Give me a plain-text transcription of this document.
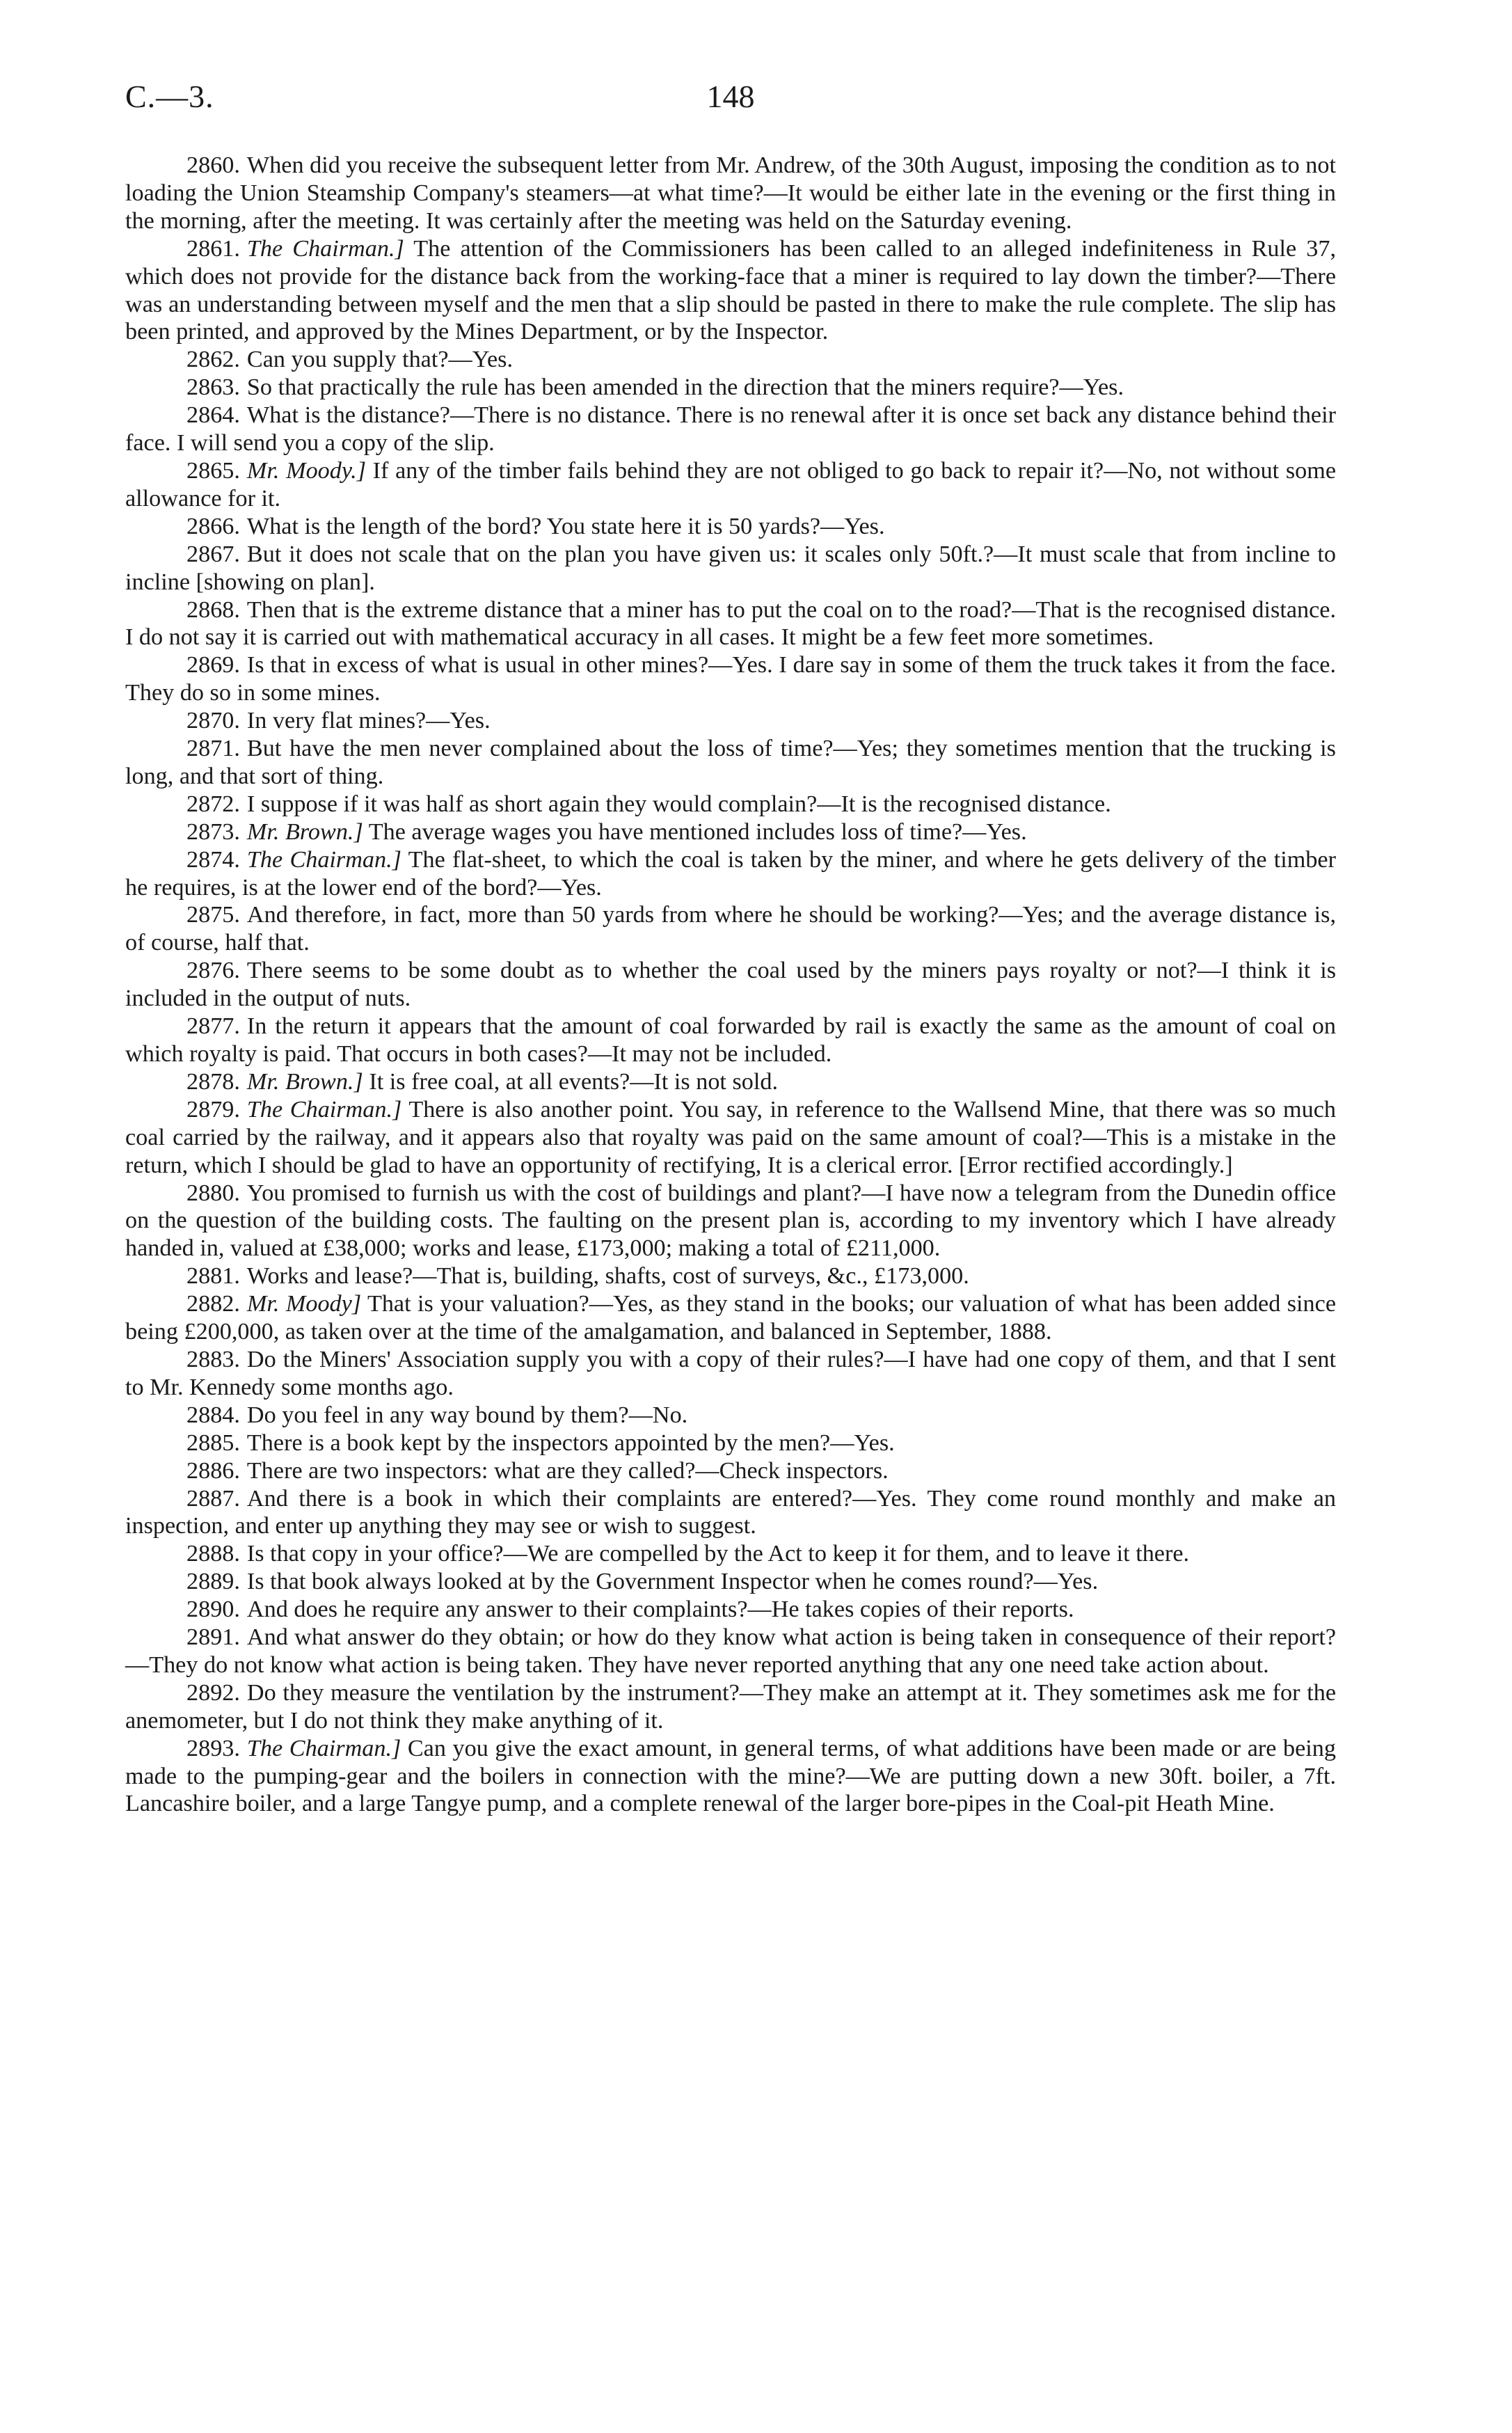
C.—3.	148

2860. When did you receive the subsequent letter from Mr. Andrew, of the 30th August, imposing the condition as to not loading the Union Steamship Company's steamers—at what time?—It would be either late in the evening or the first thing in the morning, after the meeting. It was certainly after the meeting was held on the Saturday evening.

2861. The Chairman.] The attention of the Commissioners has been called to an alleged indefiniteness in Rule 37, which does not provide for the distance back from the working-face that a miner is required to lay down the timber?—There was an understanding between myself and the men that a slip should be pasted in there to make the rule complete. The slip has been printed, and approved by the Mines Department, or by the Inspector.

2862. Can you supply that?—Yes.

2863. So that practically the rule has been amended in the direction that the miners require?—Yes.

2864. What is the distance?—There is no distance. There is no renewal after it is once set back any distance behind their face. I will send you a copy of the slip.

2865. Mr. Moody.] If any of the timber fails behind they are not obliged to go back to repair it?—No, not without some allowance for it.

2866. What is the length of the bord? You state here it is 50 yards?—Yes.

2867. But it does not scale that on the plan you have given us: it scales only 50ft.?—It must scale that from incline to incline [showing on plan].

2868. Then that is the extreme distance that a miner has to put the coal on to the road?—That is the recognised distance. I do not say it is carried out with mathematical accuracy in all cases. It might be a few feet more sometimes.

2869. Is that in excess of what is usual in other mines?—Yes. I dare say in some of them the truck takes it from the face. They do so in some mines.

2870. In very flat mines?—Yes.

2871. But have the men never complained about the loss of time?—Yes; they sometimes mention that the trucking is long, and that sort of thing.

2872. I suppose if it was half as short again they would complain?—It is the recognised distance.

2873. Mr. Brown.] The average wages you have mentioned includes loss of time?—Yes.

2874. The Chairman.] The flat-sheet, to which the coal is taken by the miner, and where he gets delivery of the timber he requires, is at the lower end of the bord?—Yes.

2875. And therefore, in fact, more than 50 yards from where he should be working?—Yes; and the average distance is, of course, half that.

2876. There seems to be some doubt as to whether the coal used by the miners pays royalty or not?—I think it is included in the output of nuts.

2877. In the return it appears that the amount of coal forwarded by rail is exactly the same as the amount of coal on which royalty is paid. That occurs in both cases?—It may not be included.

2878. Mr. Brown.] It is free coal, at all events?—It is not sold.

2879. The Chairman.] There is also another point. You say, in reference to the Wallsend Mine, that there was so much coal carried by the railway, and it appears also that royalty was paid on the same amount of coal?—This is a mistake in the return, which I should be glad to have an opportunity of rectifying, It is a clerical error. [Error rectified accordingly.]

2880. You promised to furnish us with the cost of buildings and plant?—I have now a telegram from the Dunedin office on the question of the building costs. The faulting on the present plan is, according to my inventory which I have already handed in, valued at £38,000; works and lease, £173,000; making a total of £211,000.

2881. Works and lease?—That is, building, shafts, cost of surveys, &c., £173,000.

2882. Mr. Moody] That is your valuation?—Yes, as they stand in the books; our valuation of what has been added since being £200,000, as taken over at the time of the amalgamation, and balanced in September, 1888.

2883. Do the Miners' Association supply you with a copy of their rules?—I have had one copy of them, and that I sent to Mr. Kennedy some months ago.

2884. Do you feel in any way bound by them?—No.

2885. There is a book kept by the inspectors appointed by the men?—Yes.

2886. There are two inspectors: what are they called?—Check inspectors.

2887. And there is a book in which their complaints are entered?—Yes. They come round monthly and make an inspection, and enter up anything they may see or wish to suggest.

2888. Is that copy in your office?—We are compelled by the Act to keep it for them, and to leave it there.

2889. Is that book always looked at by the Government Inspector when he comes round?—Yes.

2890. And does he require any answer to their complaints?—He takes copies of their reports.

2891. And what answer do they obtain; or how do they know what action is being taken in consequence of their report?—They do not know what action is being taken. They have never reported anything that any one need take action about.

2892. Do they measure the ventilation by the instrument?—They make an attempt at it. They sometimes ask me for the anemometer, but I do not think they make anything of it.

2893. The Chairman.] Can you give the exact amount, in general terms, of what additions have been made or are being made to the pumping-gear and the boilers in connection with the mine?—We are putting down a new 30ft. boiler, a 7ft. Lancashire boiler, and a large Tangye pump, and a complete renewal of the larger bore-pipes in the Coal-pit Heath Mine.
